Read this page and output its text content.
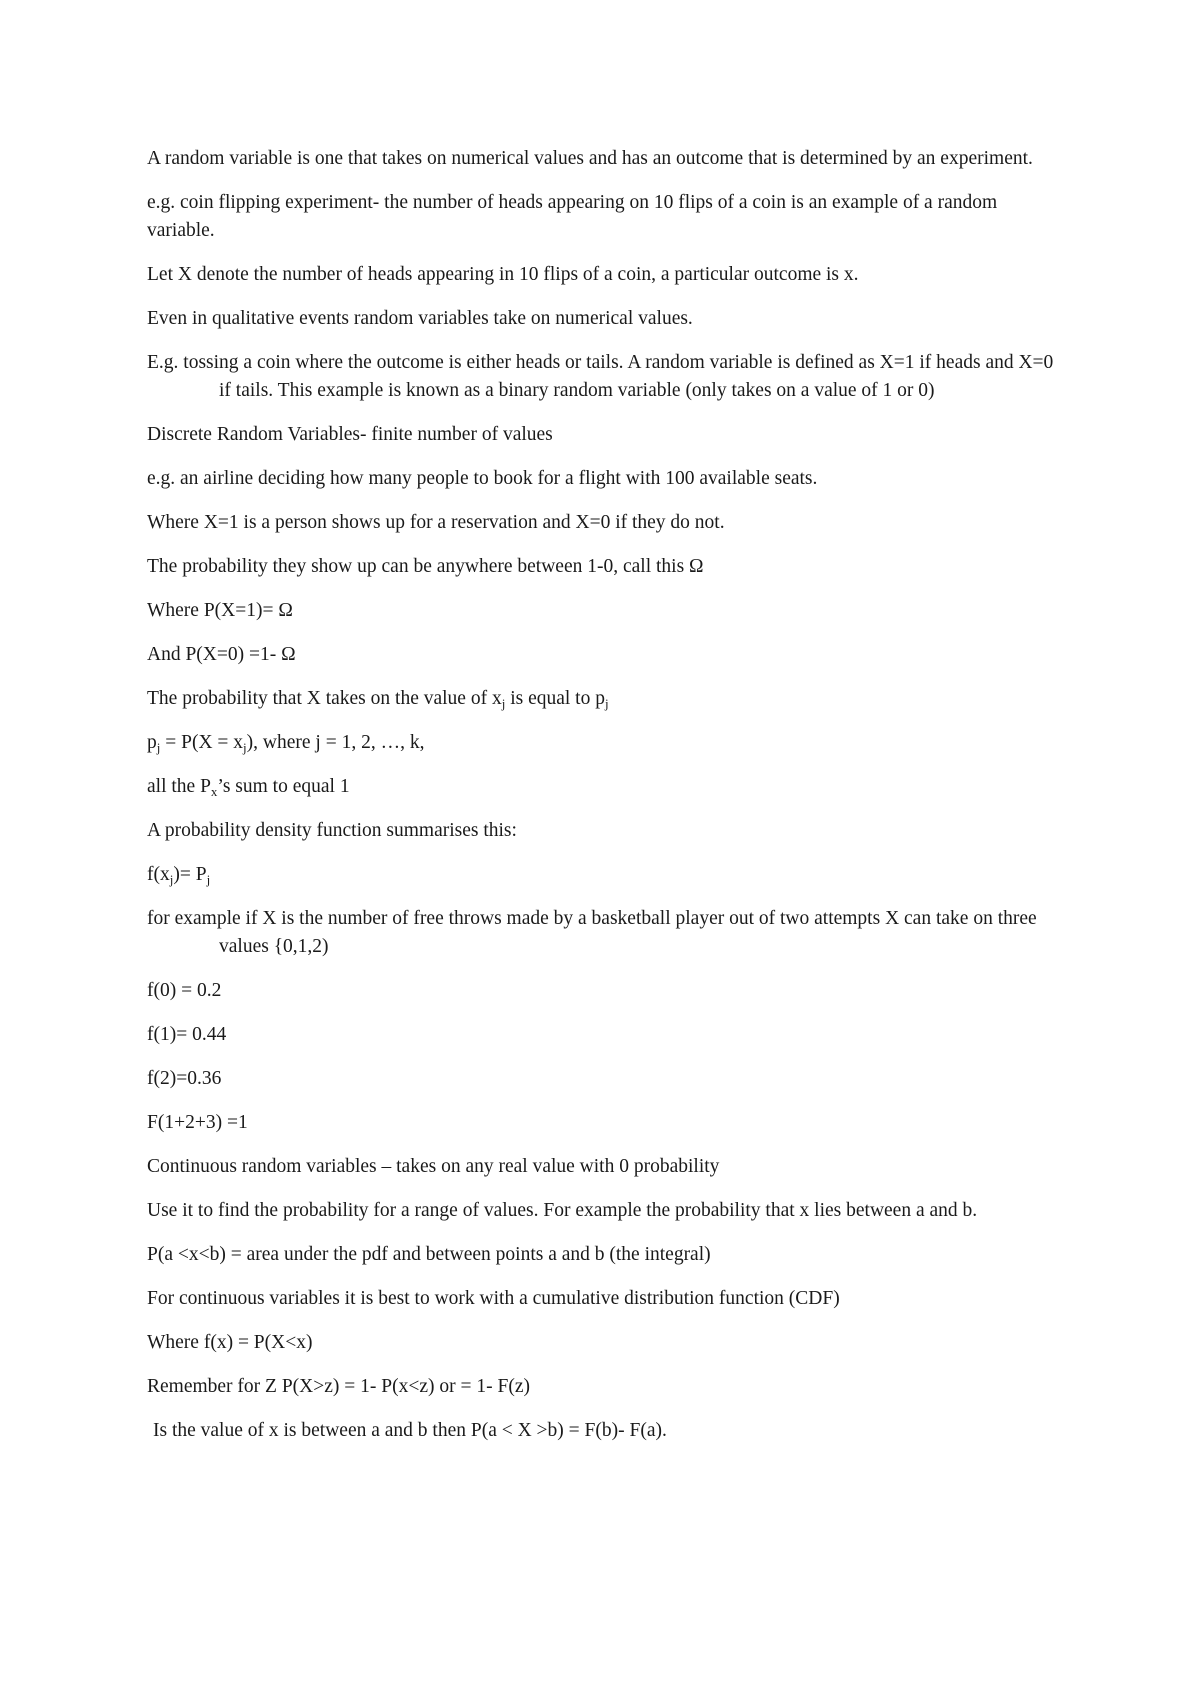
A random variable is one that takes on numerical values and has an outcome that is determined by an experiment.

e.g. coin flipping experiment- the number of heads appearing on 10 flips of a coin is an example of a random variable.

Let X denote the number of heads appearing in 10 flips of a coin, a particular outcome is x.

Even in qualitative events random variables take on numerical values.

E.g. tossing a coin where the outcome is either heads or tails. A random variable is defined as X=1 if heads and X=0 if tails. This example is known as a binary random variable (only takes on a value of 1 or 0)

Discrete Random Variables- finite number of values

e.g. an airline deciding how many people to book for a flight with 100 available seats.

Where X=1 is a person shows up for a reservation and X=0 if they do not.

The probability they show up can be anywhere between 1-0, call this Ω

Where P(X=1)= Ω

And P(X=0) =1- Ω

The probability that X takes on the value of $x_j$ is equal to $p_j$

$p_j = P(X = x_j)$, where j = 1, 2, …, k,

all the $P_x’s$ sum to equal 1

A probability density function summarises this:

$f(x_j)= P_j$

for example if X is the number of free throws made by a basketball player out of two attempts X can take on three values {0,1,2)

f(0) = 0.2

f(1)= 0.44

f(2)=0.36

F(1+2+3) =1

Continuous random variables – takes on any real value with 0 probability

Use it to find the probability for a range of values. For example the probability that x lies between a and b.

P(a <x<b) = area under the pdf and between points a and b (the integral)

For continuous variables it is best to work with a cumulative distribution function (CDF)

Where f(x) = P(X<x)

Remember for Z P(X>z) = 1- P(x<z) or = 1- F(z)

Is the value of x is between a and b then P(a < X >b) = F(b)- F(a).
